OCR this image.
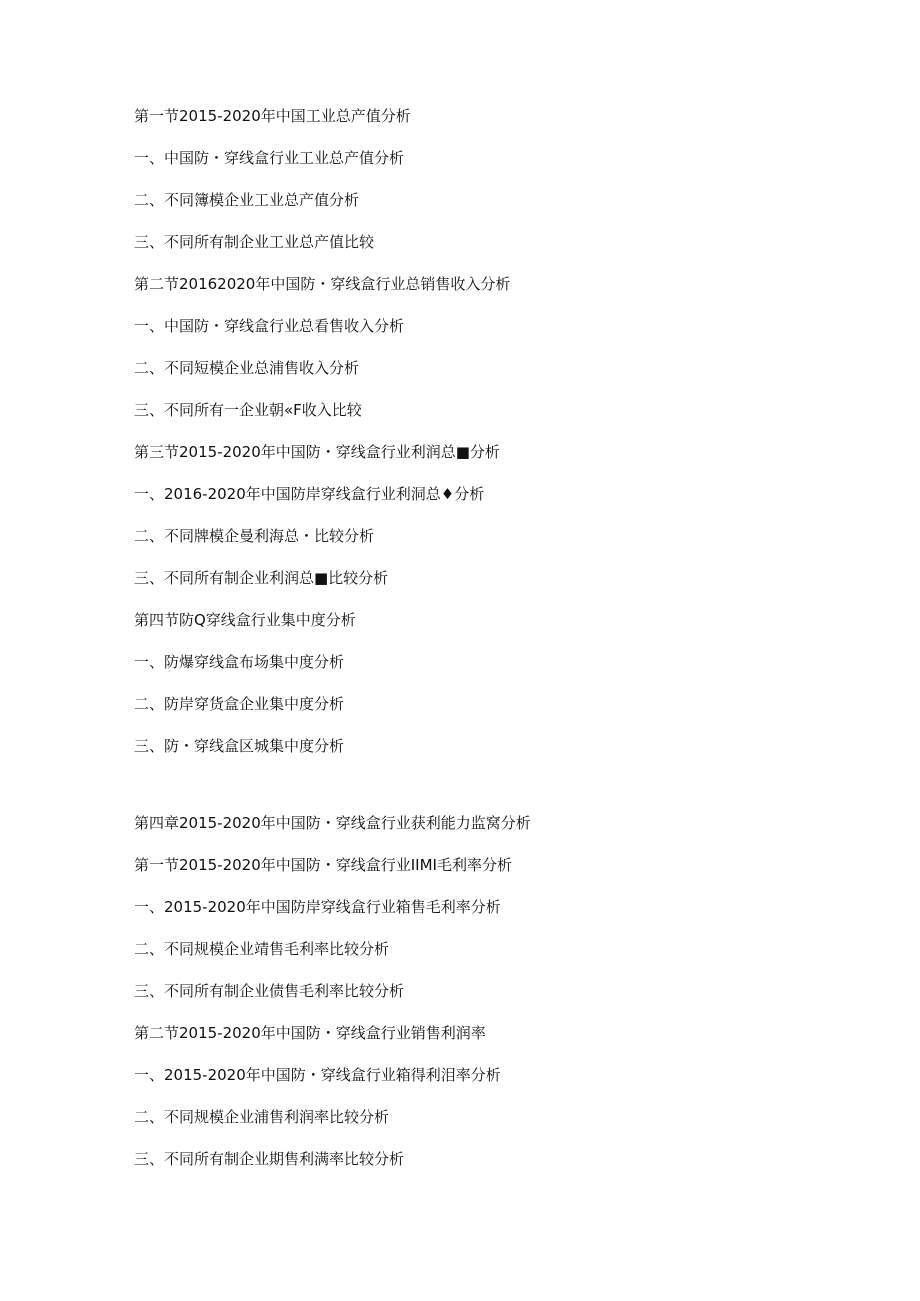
第一节2015-2020年中国工业总产值分析
一、中国防・穿线盒行业工业总产值分析
二、不同簿模企业工业总产值分析
三、不同所有制企业工业总产值比较
第二节20162020年中国防・穿线盒行业总销售收入分析
一、中国防・穿线盒行业总看售收入分析
二、不同短模企业总浦售收入分析
三、不同所有一企业朝«F收入比较
第三节2015-2020年中国防・穿线盒行业利润总■分析
一、2016-2020年中国防岸穿线盒行业利洞总♦分析
二、不同牌模企曼利海总・比较分析
三、不同所有制企业利润总■比较分析
第四节防Q穿线盒行业集中度分析
一、防爆穿线盒布场集中度分析
二、防岸穿货盒企业集中度分析
三、防・穿线盒区城集中度分析
第四章2015-2020年中国防・穿线盒行业获利能力监窝分析
第一节2015-2020年中国防・穿线盒行业IIMI毛利率分析
一、2015-2020年中国防岸穿线盒行业箱售毛利率分析
二、不同规模企业靖售毛利率比较分析
三、不同所有制企业债售毛利率比较分析
第二节2015-2020年中国防・穿线盒行业销售利润率
一、2015-2020年中国防・穿线盒行业箱得利泪率分析
二、不同规模企业浦售利润率比较分析
三、不同所有制企业期售利满率比较分析
